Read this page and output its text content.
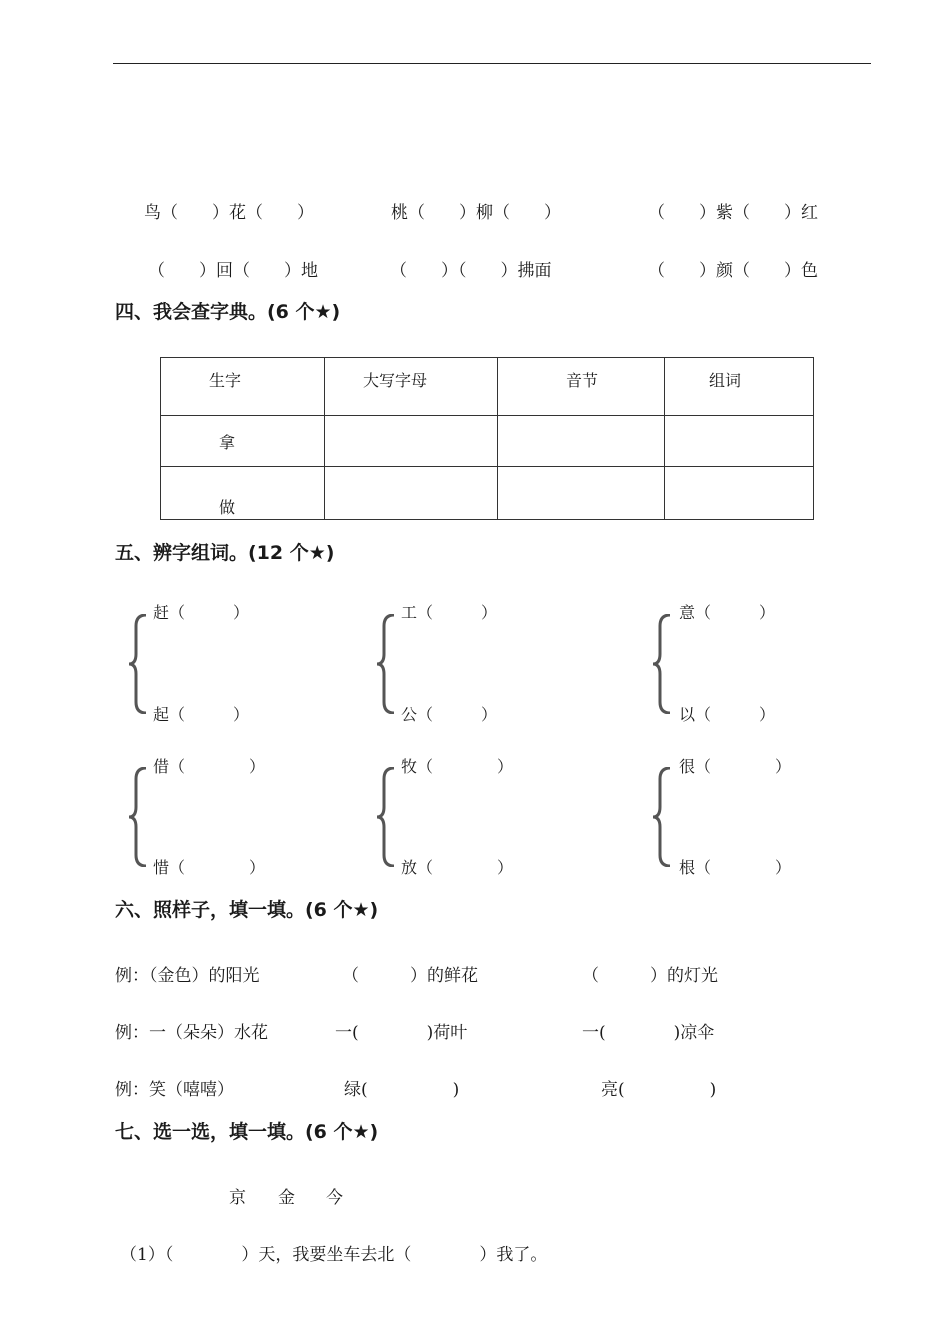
鸟（　　）花（　　）	桃（　　）柳（　　）	（　　）紫（　　）红
（　　）回（　　）地	（　　）（　　）拂面	（　　）颜（　　）色
四、我会查字典。(6 个★)
生字	大写字母	音节	组词

拿			

做			

五、辨字组词。(12 个★)
赶（　　　）
起（　　　）
工（　　　）
公（　　　）
意（　　　）
以（　　　）
借（　　　　）
惜（　　　　）
牧（　　　　）
放（　　　　）
很（　　　　）
根（　　　　）
六、照样子，填一填。(6 个★)
例：（金色）的阳光	（　　　）的鲜花	（　　　）的灯光
例：一（朵朵）水花	一(　　　　)荷叶	一(　　　　)凉伞
例：笑（嘻嘻）	绿(　　　　　)	亮(　　　　　)
七、选一选，填一填。(6 个★)
京 金 今
（1）（　　　　）天，我要坐车去北（　　　　）我了。
